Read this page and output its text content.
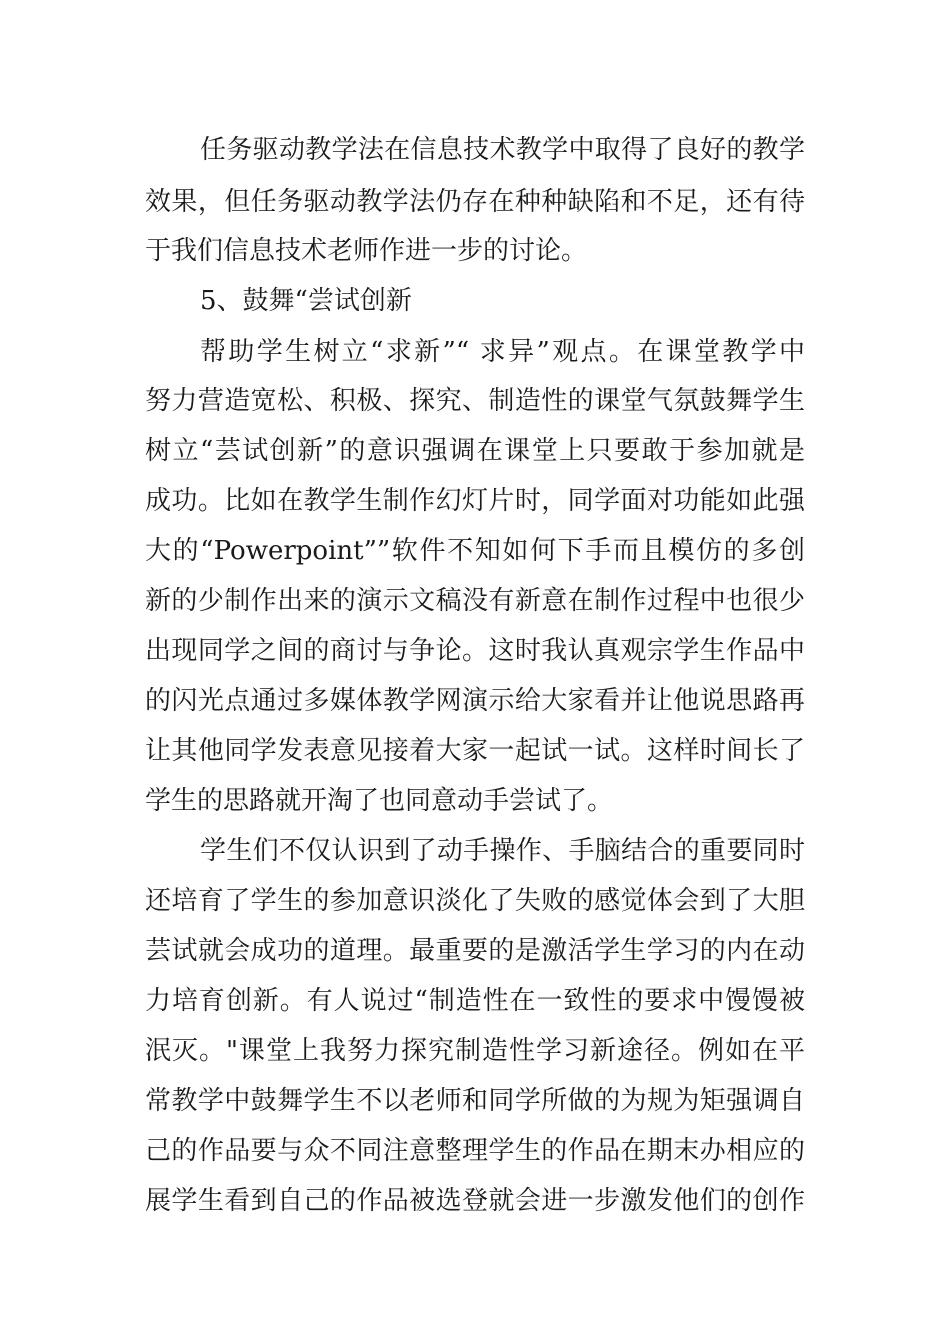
任务驱动教学法在信息技术教学中取得了良好的教学
效果，但任务驱动教学法仍存在种种缺陷和不足，还有待
于我们信息技术老师作进一步的讨论。
5、鼓舞“尝试创新
帮助学生树立“求新”“ 求异”观点。在课堂教学中
努力营造宽松、积极、探究、制造性的课堂气氛鼓舞学生
树立“芸试创新”的意识强调在课堂上只要敢于参加就是
成功。比如在教学生制作幻灯片时，同学面对功能如此强
大的“Powerpoint””软件不知如何下手而且模仿的多创
新的少制作出来的演示文稿没有新意在制作过程中也很少
出现同学之间的商讨与争论。这时我认真观宗学生作品中
的闪光点通过多媒体教学网演示给大家看并让他说思路再
让其他同学发表意见接着大家一起试一试。这样时间长了
学生的思路就开淘了也同意动手尝试了。
学生们不仅认识到了动手操作、手脑结合的重要同时
还培育了学生的参加意识淡化了失败的感觉体会到了大胆
芸试就会成功的道理。最重要的是激活学生学习的内在动
力培育创新。有人说过“制造性在一致性的要求中馒馒被
泯灭。"课堂上我努力探究制造性学习新途径。例如在平
常教学中鼓舞学生不以老师和同学所做的为规为矩强调自
己的作品要与众不同注意整理学生的作品在期末办相应的
展学生看到自己的作品被选登就会进一步激发他们的创作
